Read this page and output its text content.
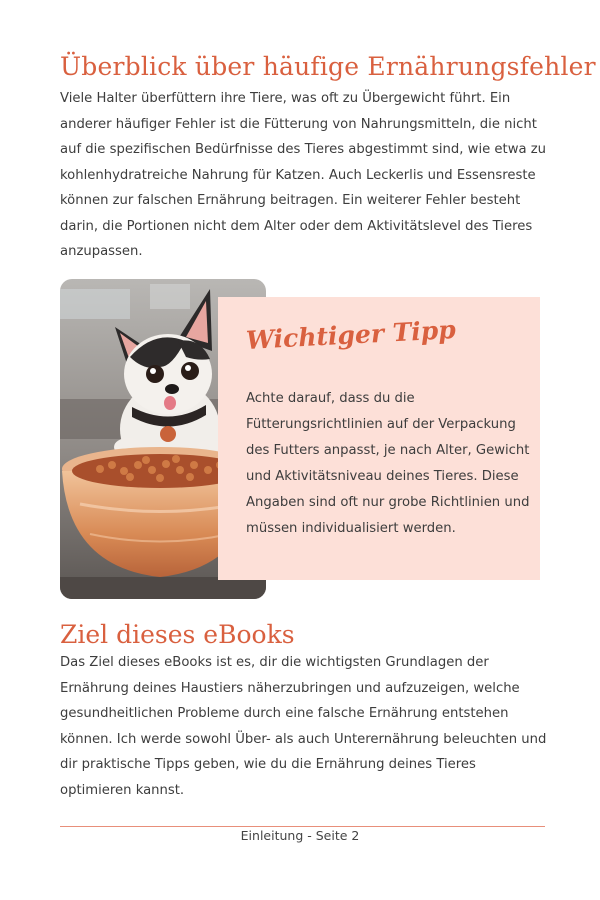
Überblick über häufige Ernährungsfehler

Viele Halter überfüttern ihre Tiere, was oft zu Übergewicht führt. Ein anderer häufiger Fehler ist die Fütterung von Nahrungsmitteln, die nicht auf die spezifischen Bedürfnisse des Tieres abgestimmt sind, wie etwa zu kohlenhydratreiche Nahrung für Katzen. Auch Leckerlis und Essensreste können zur falschen Ernährung beitragen. Ein weiterer Fehler besteht darin, die Portionen nicht dem Alter oder dem Aktivitätslevel des Tieres anzupassen.

Wichtiger Tipp

Achte darauf, dass du die Fütterungsrichtlinien auf der Verpackung des Futters anpasst, je nach Alter, Gewicht und Aktivitätsniveau deines Tieres. Diese Angaben sind oft nur grobe Richtlinien und müssen individualisiert werden.

Ziel dieses eBooks

Das Ziel dieses eBooks ist es, dir die wichtigsten Grundlagen der Ernährung deines Haustiers näherzubringen und aufzuzeigen, welche gesundheitlichen Probleme durch eine falsche Ernährung entstehen können. Ich werde sowohl Über- als auch Unterernährung beleuchten und dir praktische Tipps geben, wie du die Ernährung deines Tieres optimieren kannst.

Einleitung - Seite 2
